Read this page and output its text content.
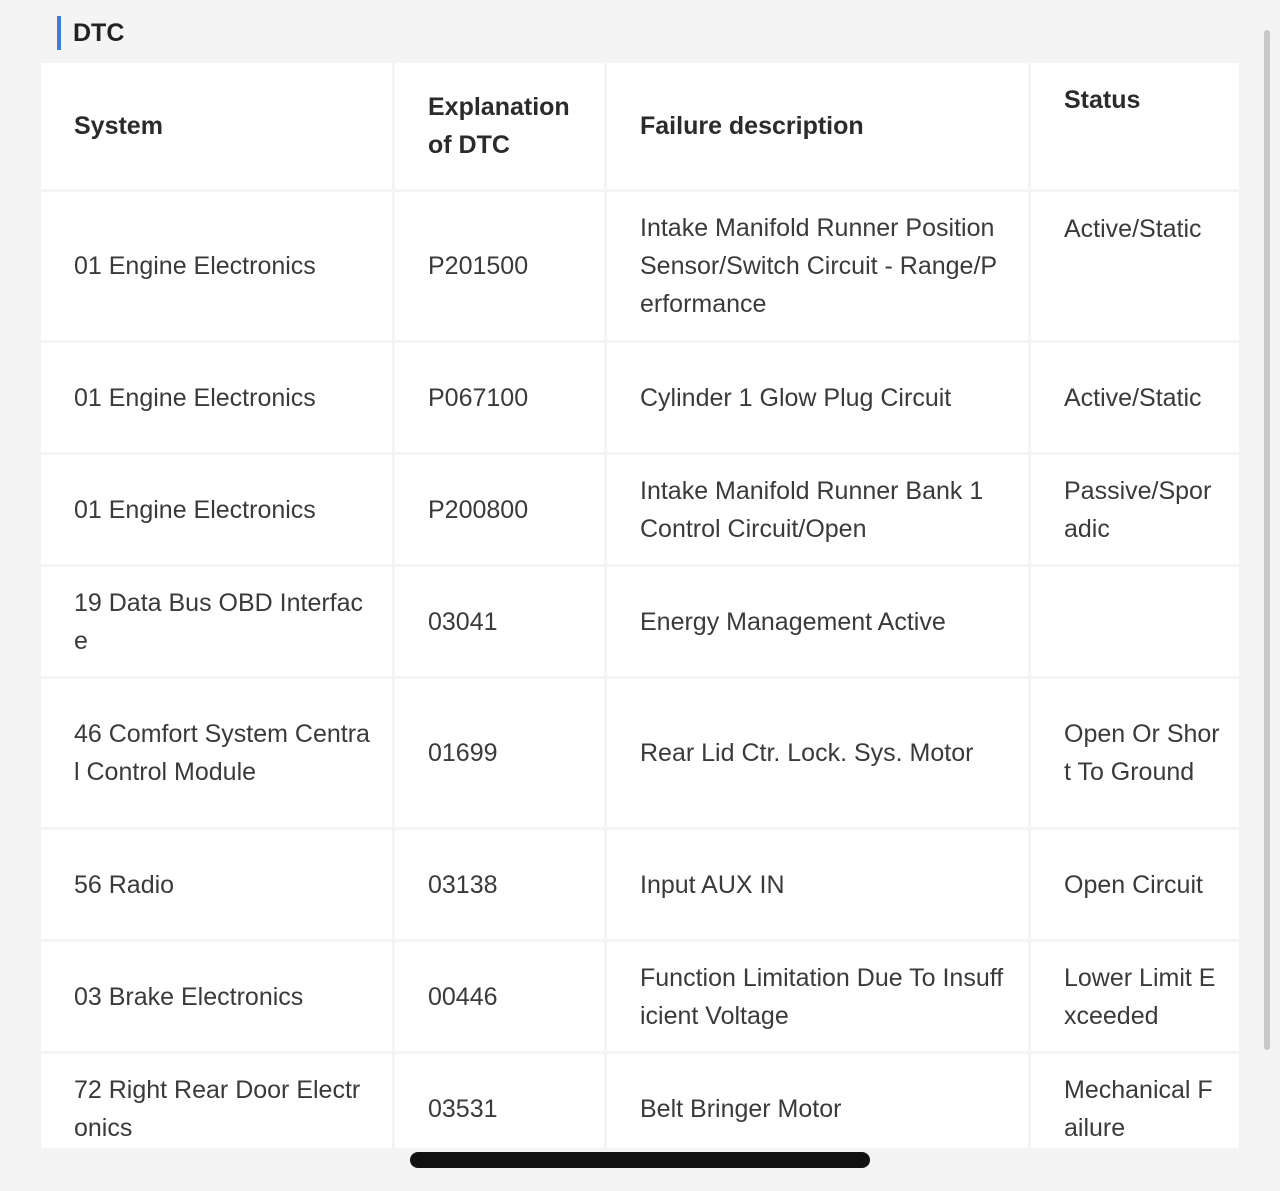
DTC
System	Explanation of DTC	Failure description	Status
01 Engine Electronics	P201500	Intake Manifold Runner Position Sensor/Switch Circuit - Range/Performance	Active/Static
01 Engine Electronics	P067100	Cylinder 1 Glow Plug Circuit	Active/Static
01 Engine Electronics	P200800	Intake Manifold Runner Bank 1 Control Circuit/Open	Passive/Sporadic
19 Data Bus OBD Interface	03041	Energy Management Active	
46 Comfort System Central Control Module	01699	Rear Lid Ctr. Lock. Sys. Motor	Open Or Short To Ground
56 Radio	03138	Input AUX IN	Open Circuit
03 Brake Electronics	00446	Function Limitation Due To Insufficient Voltage	Lower Limit Exceeded
72 Right Rear Door Electronics	03531	Belt Bringer Motor	Mechanical Failure
